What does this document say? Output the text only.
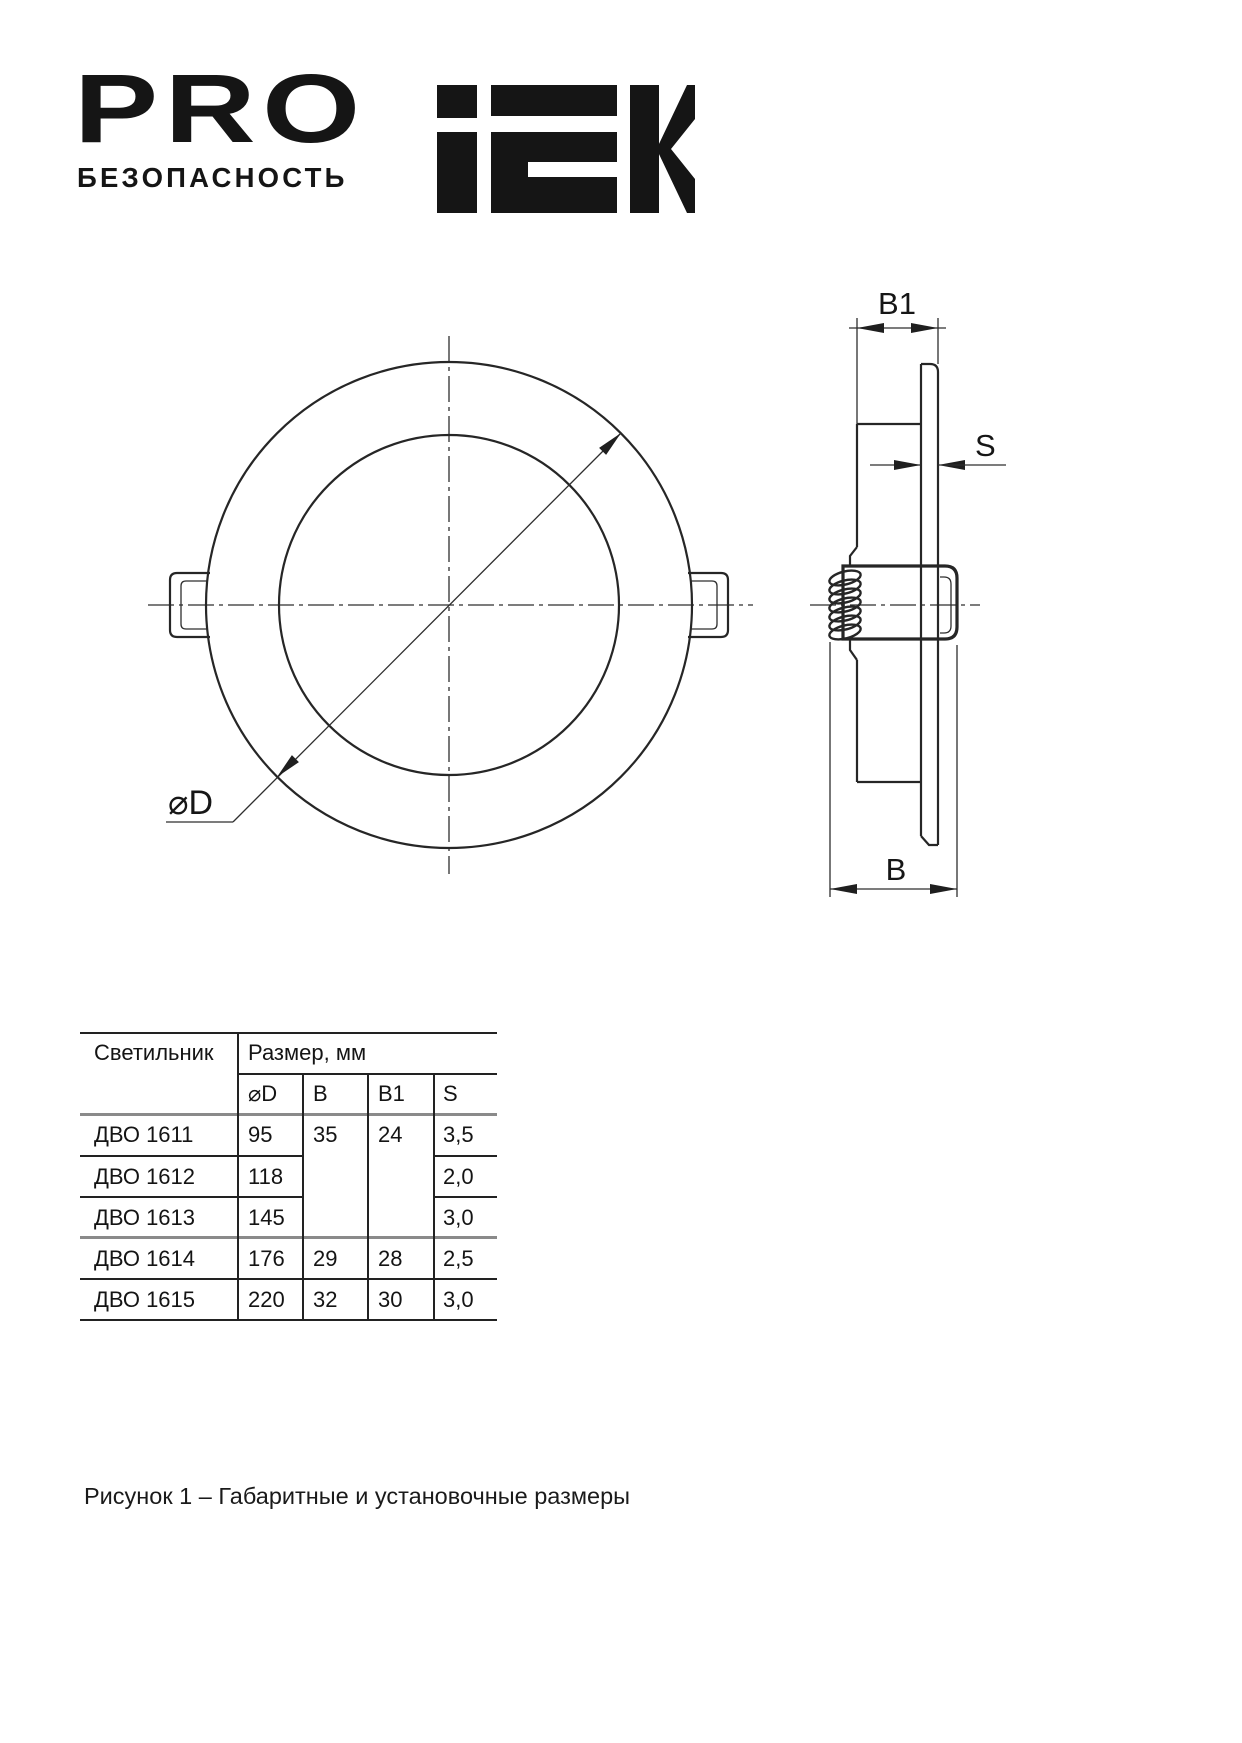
PRO
БЕЗОПАСНОСТЬ
⌀D
B1
S
B
Светильник Размер, мм
⌀D B B1 S
ДВО 1611 95 35 24 3,5
ДВО 1612 118	2,0
ДВО 1613 145	3,0
ДВО 1614 176 29 28 2,5
ДВО 1615 220 32 30 3,0
Рисунок 1 – Габаритные и установочные размеры
